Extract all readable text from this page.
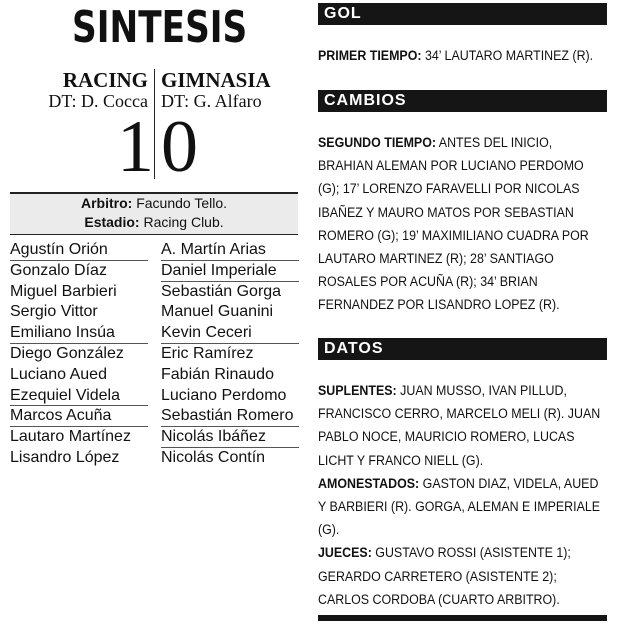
SINTESIS
RACING GIMNASIA
DT: D. Cocca DT: G. Alfaro
1 0
Arbitro: Facundo Tello.
Estadio: Racing Club.
Agustín Orión
Gonzalo Díaz
Miguel Barbieri
Sergio Vittor
Emiliano Insúa
Diego González
Luciano Aued
Ezequiel Videla
Marcos Acuña
Lautaro Martínez
Lisandro López
A. Martín Arias
Daniel Imperiale
Sebastián Gorga
Manuel Guanini
Kevin Ceceri
Eric Ramírez
Fabián Rinaudo
Luciano Perdomo
Sebastián Romero
Nicolás Ibáñez
Nicolás Contín
GOL
PRIMER TIEMPO: 34’ LAUTARO MARTINEZ (R).
CAMBIOS
SEGUNDO TIEMPO: ANTES DEL INICIO, BRAHIAN ALEMAN POR LUCIANO PERDOMO (G); 17’ LORENZO FARAVELLI POR NICOLAS IBAÑEZ Y MAURO MATOS POR SEBASTIAN ROMERO (G); 19’ MAXIMILIANO CUADRA POR LAUTARO MARTINEZ (R); 28’ SANTIAGO ROSALES POR ACUÑA (R); 34’ BRIAN FERNANDEZ POR LISANDRO LOPEZ (R).
DATOS
SUPLENTES: JUAN MUSSO, IVAN PILLUD, FRANCISCO CERRO, MARCELO MELI (R). JUAN PABLO NOCE, MAURICIO ROMERO, LUCAS LICHT Y FRANCO NIELL (G).
AMONESTADOS: GASTON DIAZ, VIDELA, AUED Y BARBIERI (R). GORGA, ALEMAN E IMPERIALE (G).
JUECES: GUSTAVO ROSSI (ASISTENTE 1); GERARDO CARRETERO (ASISTENTE 2); CARLOS CORDOBA (CUARTO ARBITRO).
